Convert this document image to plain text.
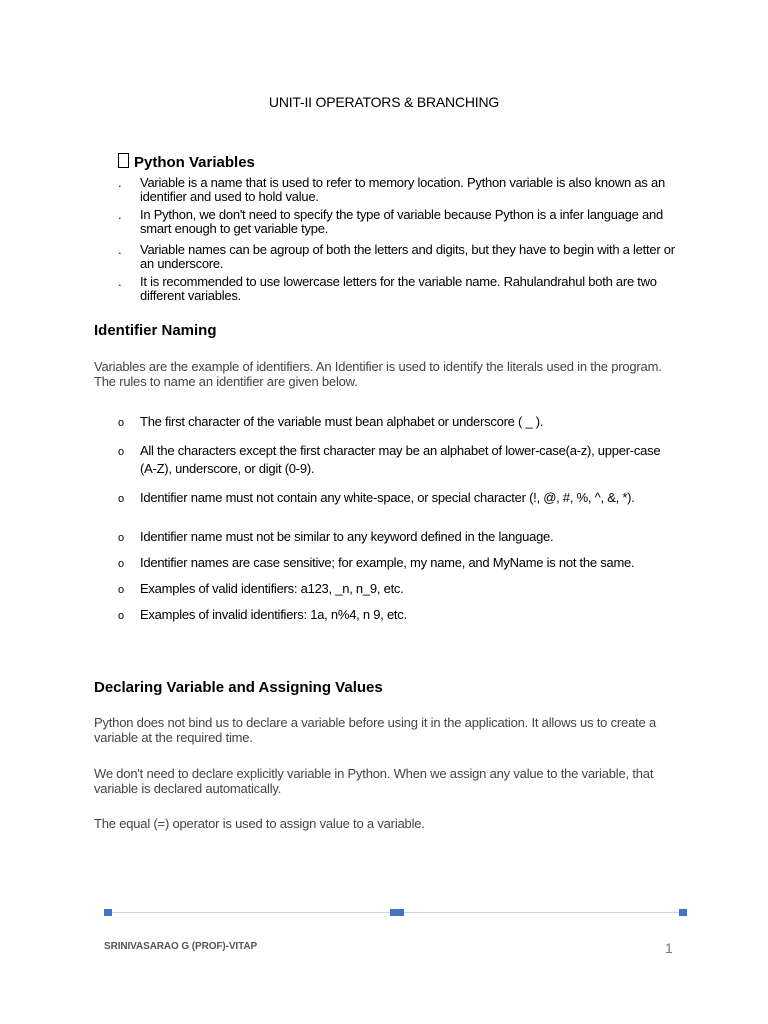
UNIT-II OPERATORS & BRANCHING
Python Variables
.	Variable is a name that is used to refer to memory location. Python variable is also known as an identifier and used to hold value.
.	In Python, we don't need to specify the type of variable because Python is a infer language and smart enough to get variable type.
.	Variable names can be agroup of both the letters and digits, but they have to begin with a letter or an underscore.
.	It is recommended to use lowercase letters for the variable name. Rahulandrahul both are two different variables.
Identifier Naming
Variables are the example of identifiers. An Identifier is used to identify the literals used in the program. The rules to name an identifier are given below.
o	The first character of the variable must bean alphabet or underscore ( _ ).
o	All the characters except the first character may be an alphabet of lower-case(a-z), upper-case (A-Z), underscore, or digit (0-9).
o	Identifier name must not contain any white-space, or special character (!, @, #, %, ^, &, *).
o	Identifier name must not be similar to any keyword defined in the language.
o	Identifier names are case sensitive; for example, my name, and MyName is not the same.
o	Examples of valid identifiers: a123, _n, n_9, etc.
o	Examples of invalid identifiers: 1a, n%4, n 9, etc.
Declaring Variable and Assigning Values
Python does not bind us to declare a variable before using it in the application. It allows us to create a variable at the required time.
We don't need to declare explicitly variable in Python. When we assign any value to the variable, that variable is declared automatically.
The equal (=) operator is used to assign value to a variable.
SRINIVASARAO G (PROF)-VITAP	1
